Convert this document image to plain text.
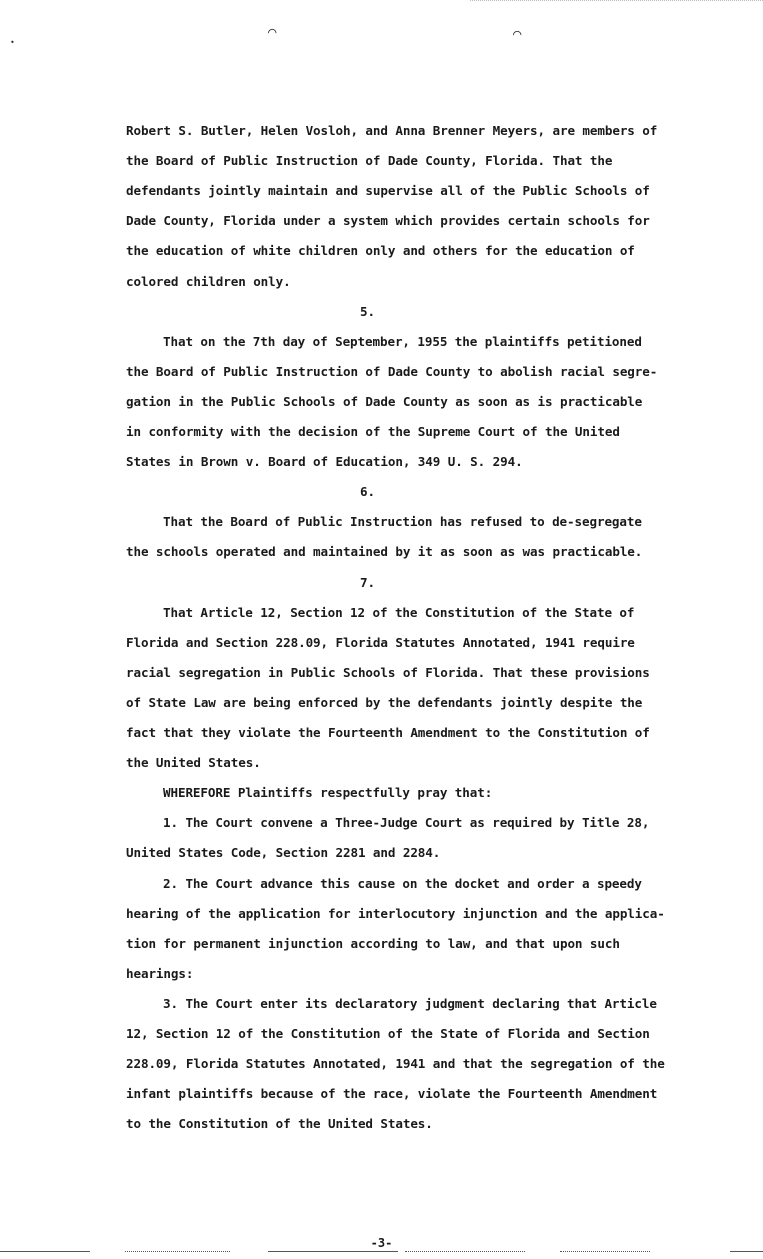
⌒	⌒
•
Robert S. Butler, Helen Vosloh, and Anna Brenner Meyers, are members of
the Board of Public Instruction of Dade County, Florida. That the
defendants jointly maintain and supervise all of the Public Schools of
Dade County, Florida under a system which provides certain schools for
the education of white children only and others for the education of
colored children only.
5.
That on the 7th day of September, 1955 the plaintiffs petitioned
the Board of Public Instruction of Dade County to abolish racial segre-
gation in the Public Schools of Dade County as soon as is practicable
in conformity with the decision of the Supreme Court of the United
States in Brown v. Board of Education, 349 U. S. 294.
6.
That the Board of Public Instruction has refused to de-segregate
the schools operated and maintained by it as soon as was practicable.
7.
That Article 12, Section 12 of the Constitution of the State of
Florida and Section 228.09, Florida Statutes Annotated, 1941 require
racial segregation in Public Schools of Florida. That these provisions
of State Law are being enforced by the defendants jointly despite the
fact that they violate the Fourteenth Amendment to the Constitution of
the United States.
WHEREFORE Plaintiffs respectfully pray that:
1. The Court convene a Three-Judge Court as required by Title 28,
United States Code, Section 2281 and 2284.
2. The Court advance this cause on the docket and order a speedy
hearing of the application for interlocutory injunction and the applica-
tion for permanent injunction according to law, and that upon such
hearings:
3. The Court enter its declaratory judgment declaring that Article
12, Section 12 of the Constitution of the State of Florida and Section
228.09, Florida Statutes Annotated, 1941 and that the segregation of the
infant plaintiffs because of the race, violate the Fourteenth Amendment
to the Constitution of the United States.
-3-
